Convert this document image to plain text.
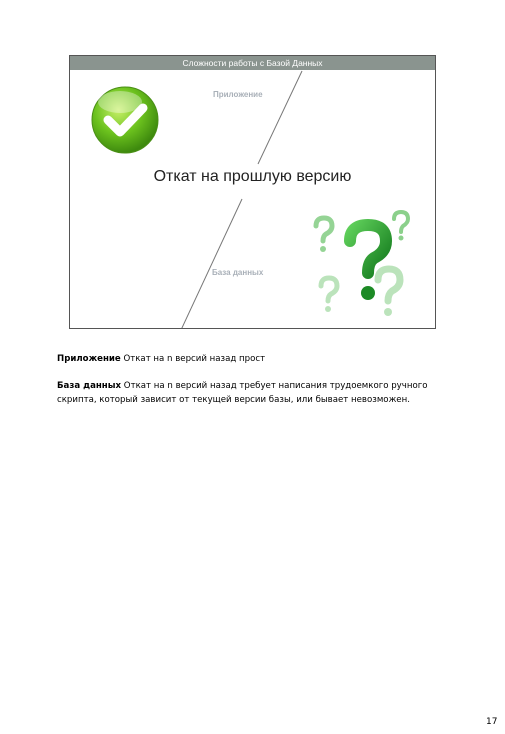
Сложности работы с Базой Данных
Приложение
База данных
Откат на прошлую версию

Приложение Откат на n версий назад прост

База данных Откат на n версий назад требует написания трудоемкого ручного скрипта, который зависит от текущей версии базы, или бывает невозможен.

17
